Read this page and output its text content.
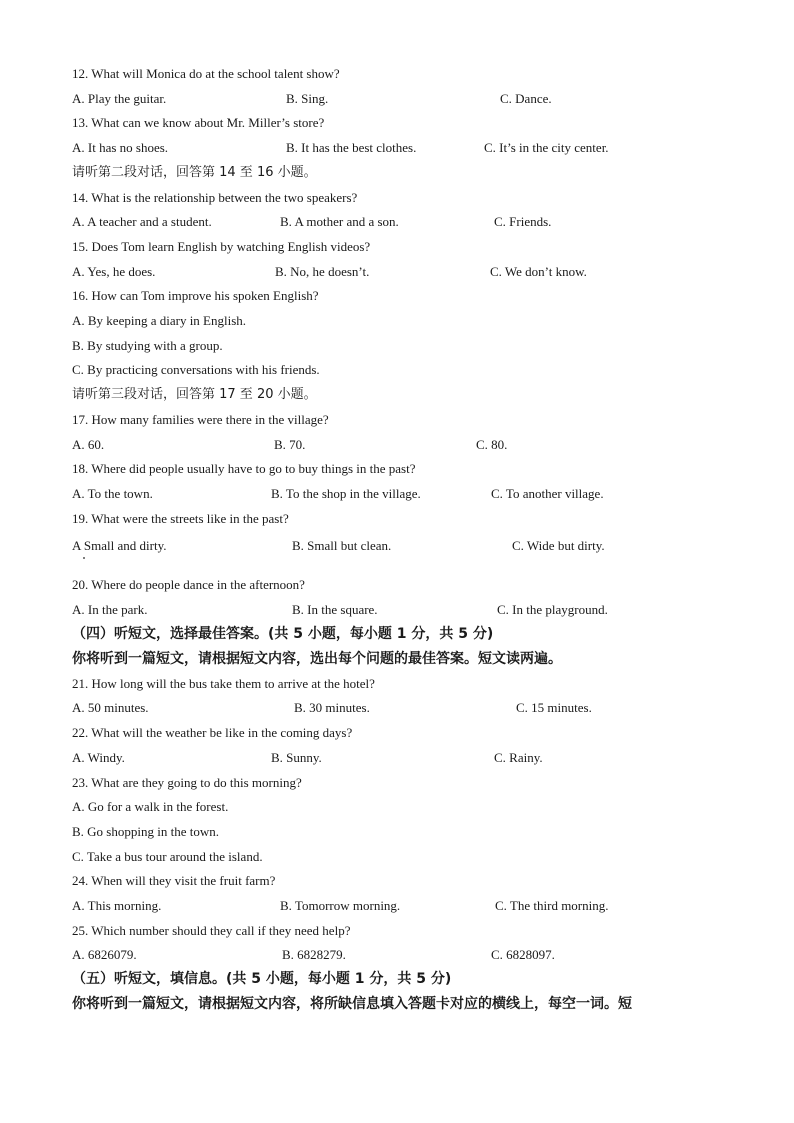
12. What will Monica do at the school talent show?
A. Play the guitar.	B. Sing.	C. Dance.
13. What can we know about Mr. Miller’s store?
A. It has no shoes.	B. It has the best clothes.	C. It’s in the city center.
请听第二段对话，回答第 14 至 16 小题。
14. What is the relationship between the two speakers?
A. A teacher and a student.	B. A mother and a son.	C. Friends.
15. Does Tom learn English by watching English videos?
A. Yes, he does.	B. No, he doesn’t.	C. We don’t know.
16. How can Tom improve his spoken English?
A. By keeping a diary in English.
B. By studying with a group.
C. By practicing conversations with his friends.
请听第三段对话，回答第 17 至 20 小题。
17. How many families were there in the village?
A. 60.	B. 70.	C. 80.
18. Where did people usually have to go to buy things in the past?
A. To the town.	B. To the shop in the village.	C. To another village.
19. What were the streets like in the past?
A Small and dirty.	B. Small but clean.	C. Wide but dirty.
20. Where do people dance in the afternoon?
A. In the park.	B. In the square.	C. In the playground.
（四）听短文，选择最佳答案。(共 5 小题，每小题 1 分，共 5 分)
你将听到一篇短文，请根据短文内容，选出每个问题的最佳答案。短文读两遍。
21. How long will the bus take them to arrive at the hotel?
A. 50 minutes.	B. 30 minutes.	C. 15 minutes.
22. What will the weather be like in the coming days?
A. Windy.	B. Sunny.	C. Rainy.
23. What are they going to do this morning?
A. Go for a walk in the forest.
B. Go shopping in the town.
C. Take a bus tour around the island.
24. When will they visit the fruit farm?
A. This morning.	B. Tomorrow morning.	C. The third morning.
25. Which number should they call if they need help?
A. 6826079.	B. 6828279.	C. 6828097.
（五）听短文，填信息。(共 5 小题，每小题 1 分，共 5 分)
你将听到一篇短文，请根据短文内容，将所缺信息填入答题卡对应的横线上，每空一词。短
